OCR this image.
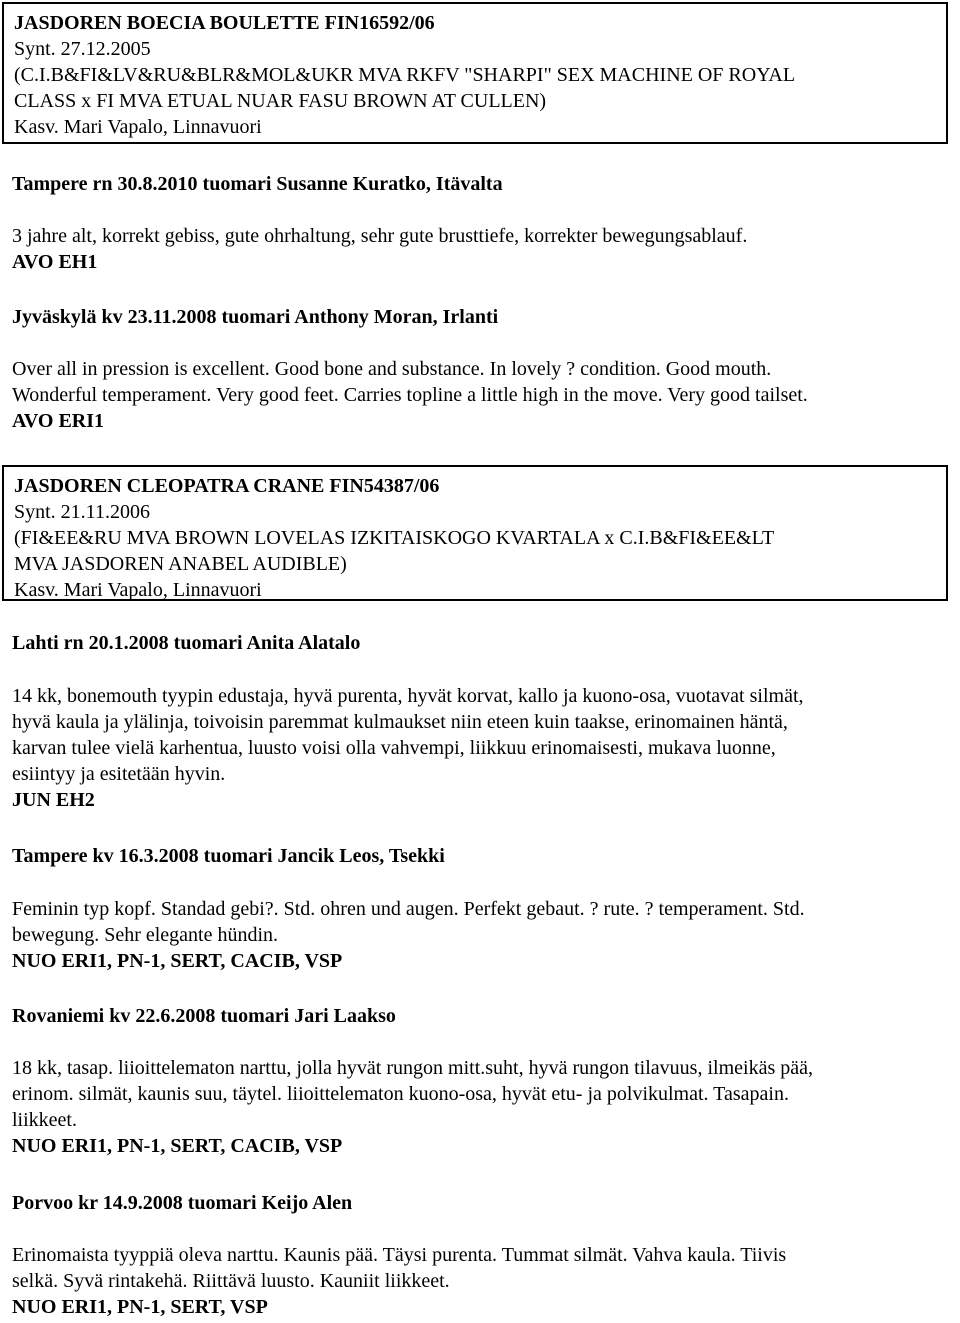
JASDOREN BOECIA BOULETTE FIN16592/06
Synt. 27.12.2005
(C.I.B&FI&LV&RU&BLR&MOL&UKR MVA RKFV "SHARPI" SEX MACHINE OF ROYAL
CLASS x FI MVA ETUAL NUAR FASU BROWN AT CULLEN)
Kasv. Mari Vapalo, Linnavuori
Tampere rn 30.8.2010 tuomari Susanne Kuratko, Itävalta
3 jahre alt, korrekt gebiss, gute ohrhaltung, sehr gute brusttiefe, korrekter bewegungsablauf.
AVO EH1
Jyväskylä kv 23.11.2008 tuomari Anthony Moran, Irlanti
Over all in pression is excellent. Good bone and substance. In lovely ? condition. Good mouth.
Wonderful temperament. Very good feet. Carries topline a little high in the move. Very good tailset.
AVO ERI1
JASDOREN CLEOPATRA CRANE FIN54387/06
Synt. 21.11.2006
(FI&EE&RU MVA BROWN LOVELAS IZKITAISKOGO KVARTALA x C.I.B&FI&EE&LT
MVA JASDOREN ANABEL AUDIBLE)
Kasv. Mari Vapalo, Linnavuori
Lahti rn 20.1.2008 tuomari Anita Alatalo
14 kk, bonemouth tyypin edustaja, hyvä purenta, hyvät korvat, kallo ja kuono-osa, vuotavat silmät,
hyvä kaula ja ylälinja, toivoisin paremmat kulmaukset niin eteen kuin taakse, erinomainen häntä,
karvan tulee vielä karhentua, luusto voisi olla vahvempi, liikkuu erinomaisesti, mukava luonne,
esiintyy ja esitetään hyvin.
JUN EH2
Tampere kv 16.3.2008 tuomari Jancik Leos, Tsekki
Feminin typ kopf. Standad gebi?. Std. ohren und augen. Perfekt gebaut. ? rute. ? temperament. Std.
bewegung. Sehr elegante hündin.
NUO ERI1, PN-1, SERT, CACIB, VSP
Rovaniemi kv 22.6.2008 tuomari Jari Laakso
18 kk, tasap. liioittelematon narttu, jolla hyvät rungon mitt.suht, hyvä rungon tilavuus, ilmeikäs pää,
erinom. silmät, kaunis suu, täytel. liioittelematon kuono-osa, hyvät etu- ja polvikulmat. Tasapain.
liikkeet.
NUO ERI1, PN-1, SERT, CACIB, VSP
Porvoo kr 14.9.2008 tuomari Keijo Alen
Erinomaista tyyppiä oleva narttu. Kaunis pää. Täysi purenta. Tummat silmät. Vahva kaula. Tiivis
selkä. Syvä rintakehä. Riittävä luusto. Kauniit liikkeet.
NUO ERI1, PN-1, SERT, VSP
